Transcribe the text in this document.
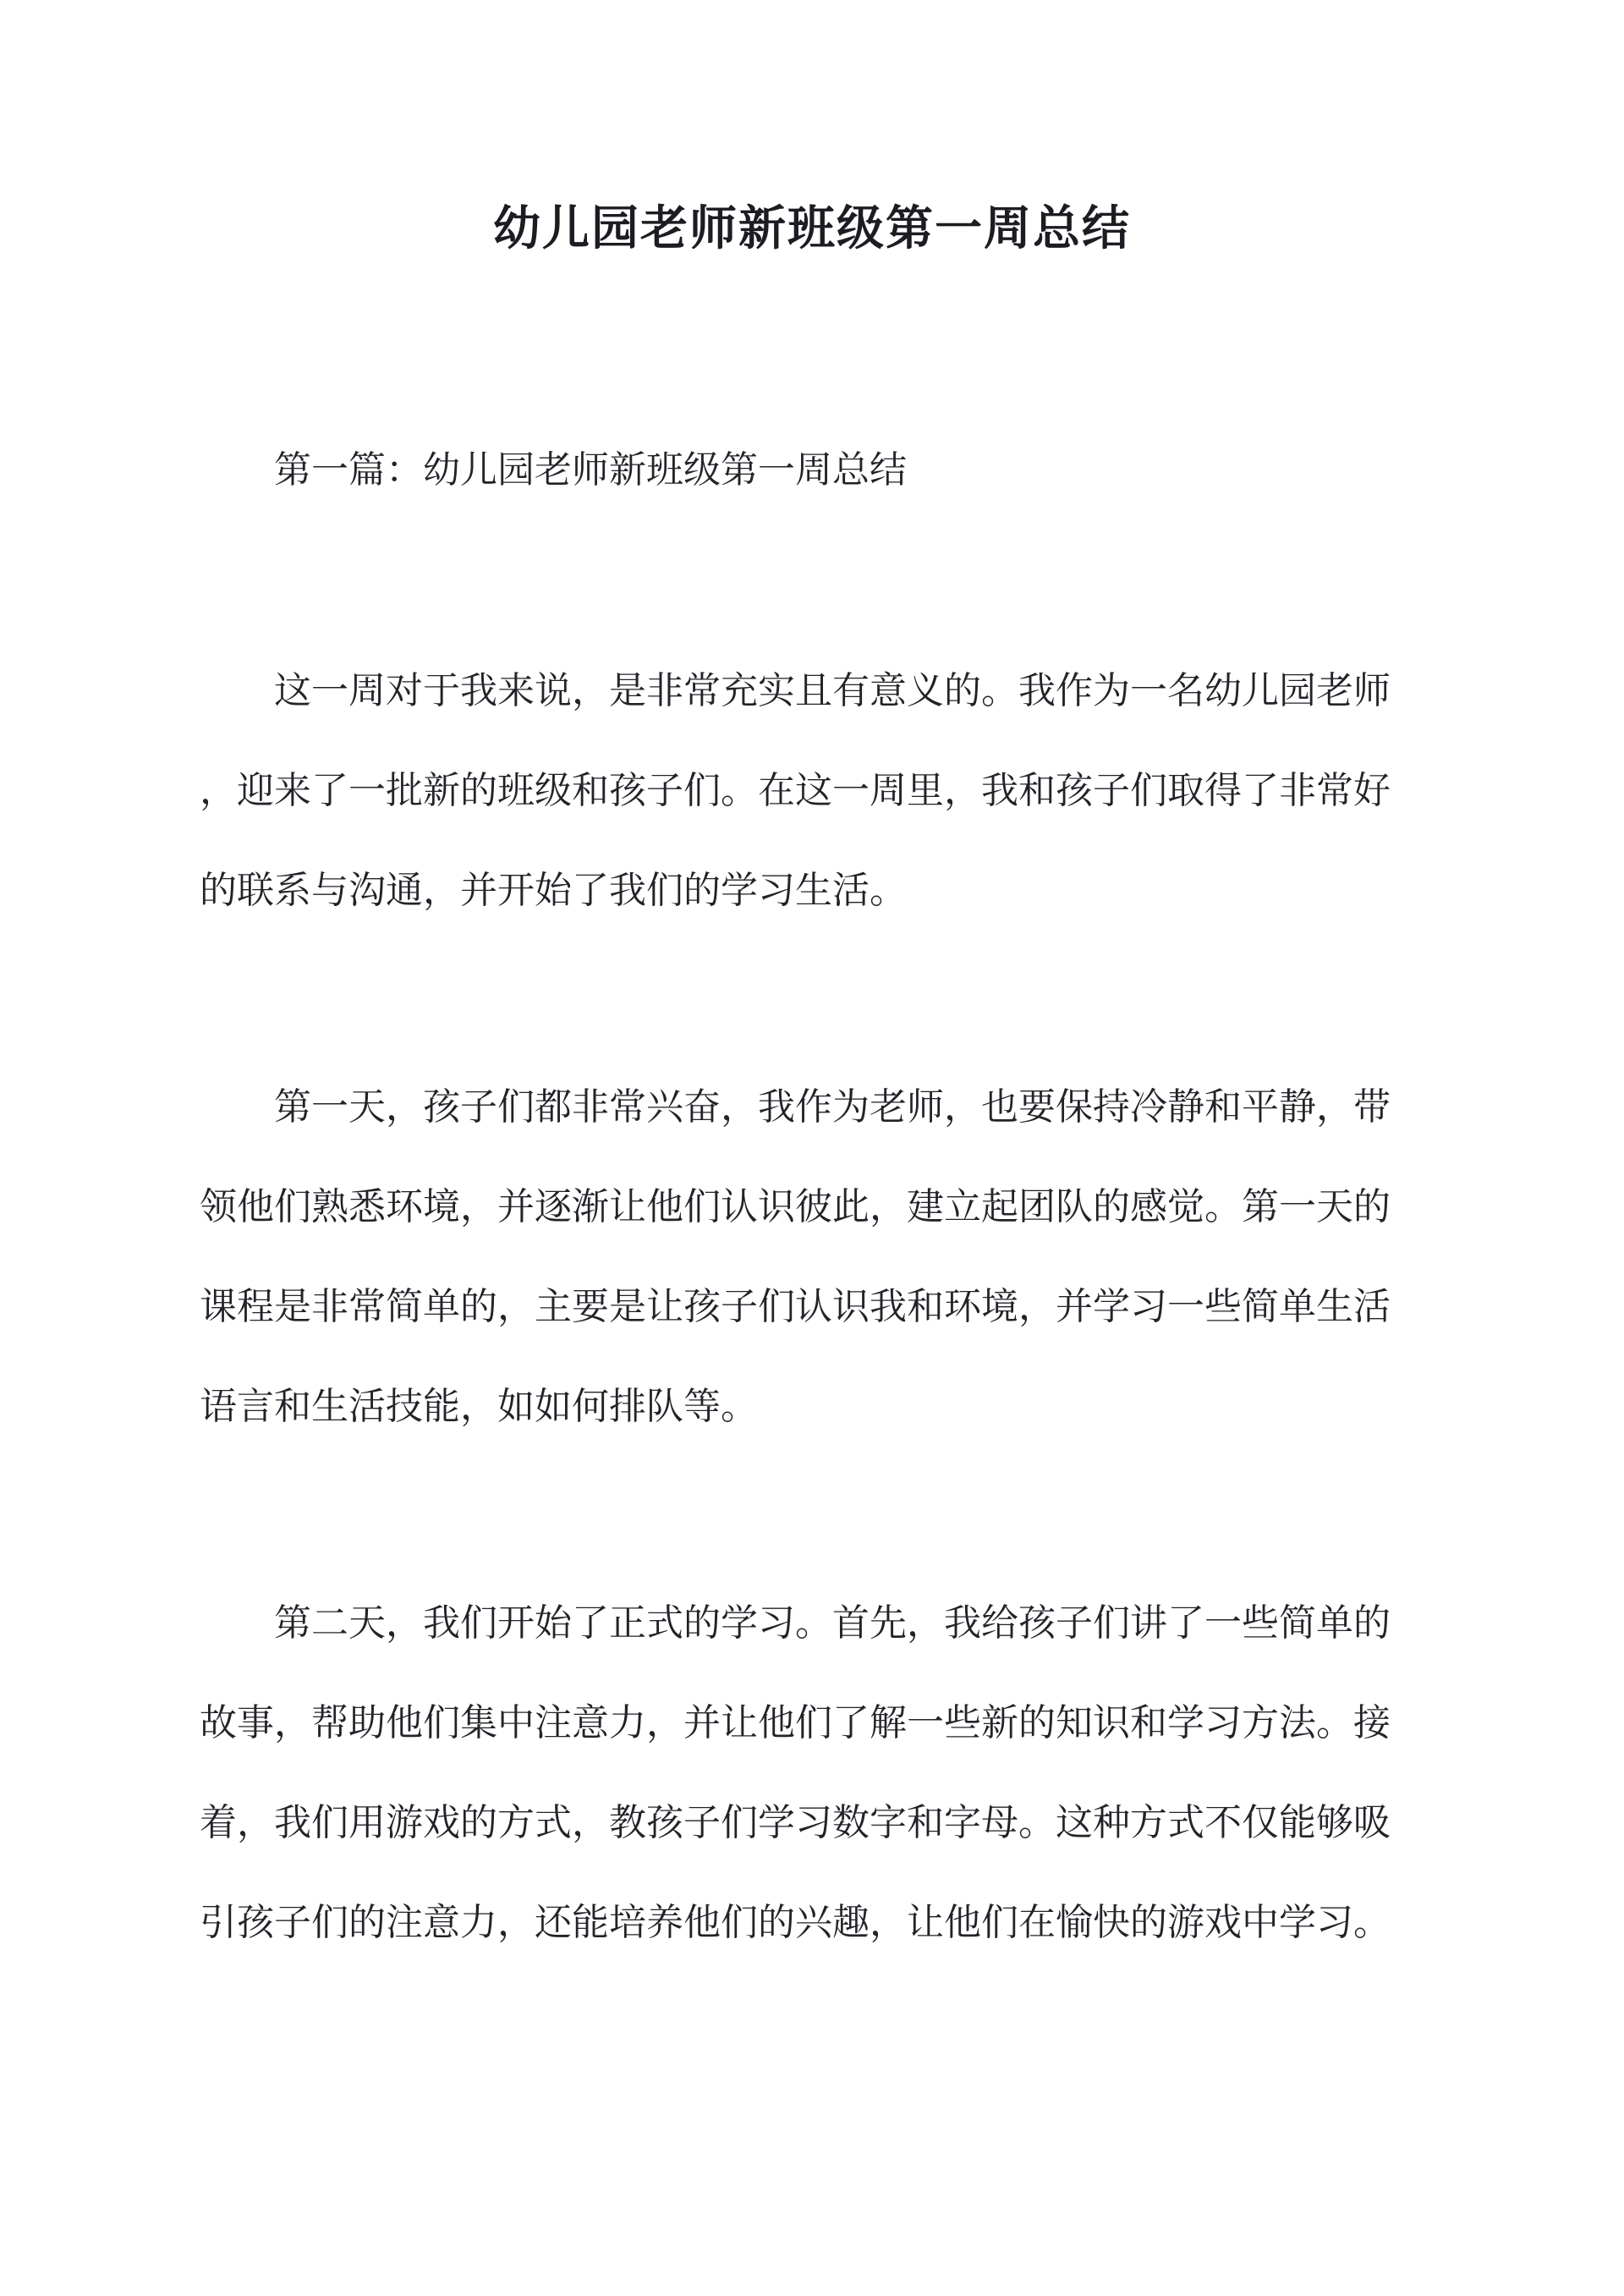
幼儿园老师新班级第一周总结

第一篇：幼儿园老师新班级第一周总结

　　这一周对于我来说，是非常充实且有意义的。我作为一名幼儿园老师
，迎来了一批新的班级和孩子们。在这一周里，我和孩子们取得了非常好
的联系与沟通，并开始了我们的学习生活。

　　第一天，孩子们都非常兴奋，我作为老师，也要保持冷静和平静，带
领他们熟悉环境，并逐渐让他们认识彼此，建立起团队的感觉。第一天的
课程是非常简单的，主要是让孩子们认识我和环境，并学习一些简单生活
语言和生活技能，如如何排队等。

　　第二天，我们开始了正式的学习。首先，我给孩子们讲了一些简单的
故事，帮助他们集中注意力，并让他们了解一些新的知识和学习方法。接
着，我们用游戏的方式，教孩子们学习数字和字母。这种方式不仅能够吸
引孩子们的注意力，还能培养他们的兴趣，让他们在愉快的游戏中学习。
